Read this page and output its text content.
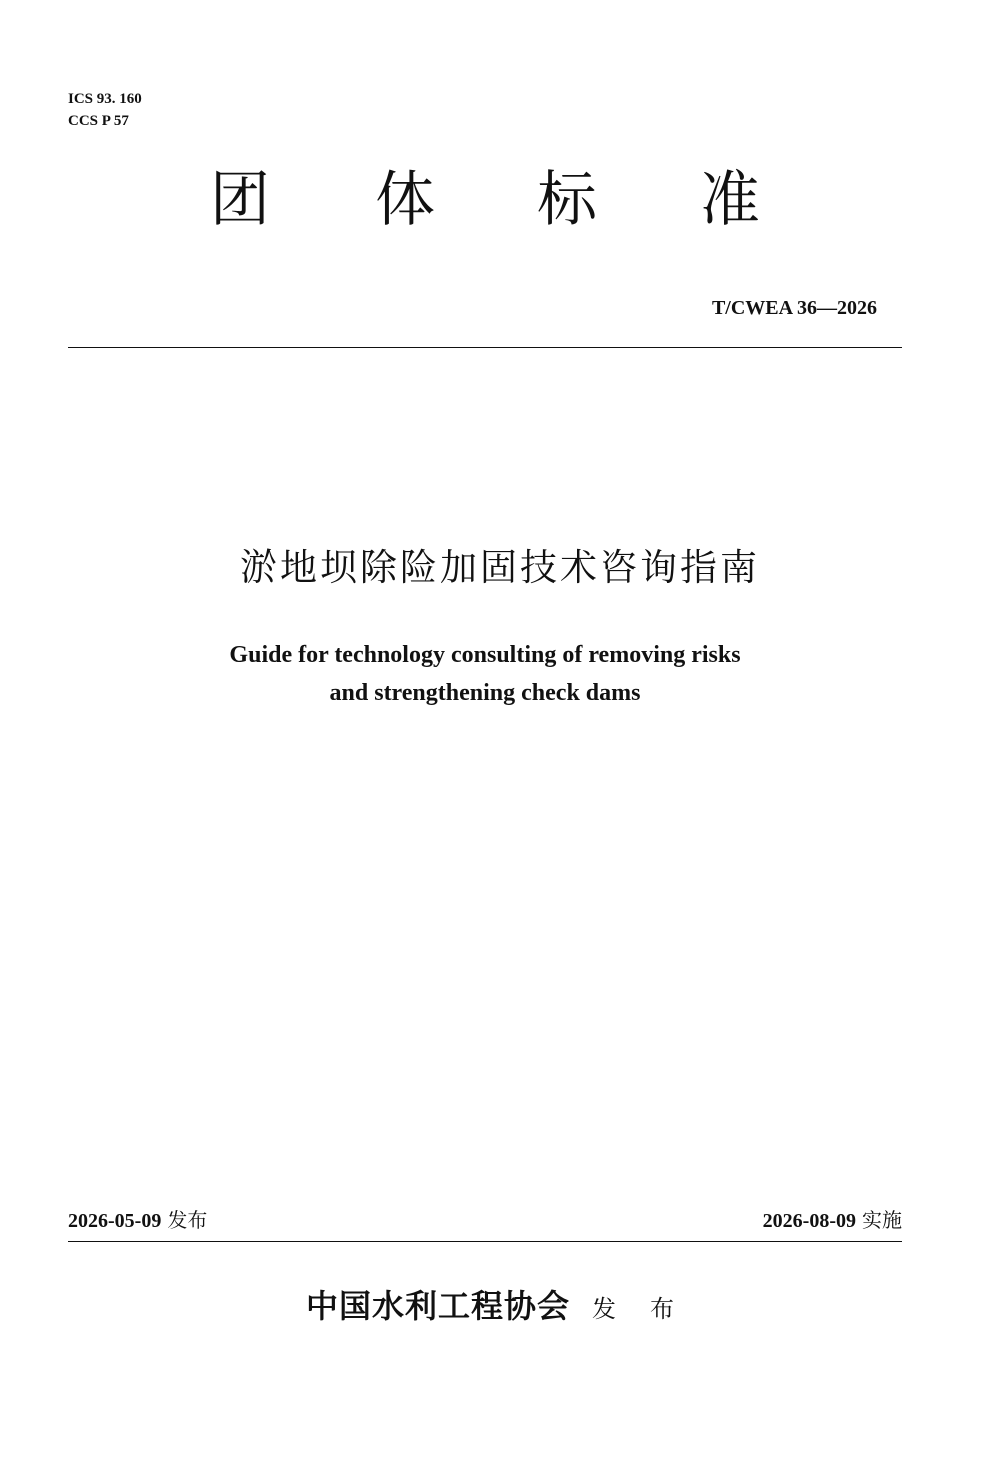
ICS 93. 160
CCS P 57
团 体 标 准
T/CWEA 36—2026
淤地坝除险加固技术咨询指南
Guide for technology consulting of removing risks
and strengthening check dams
2026-05-09 发布	2026-08-09 实施
中国水利工程协会 发 布
